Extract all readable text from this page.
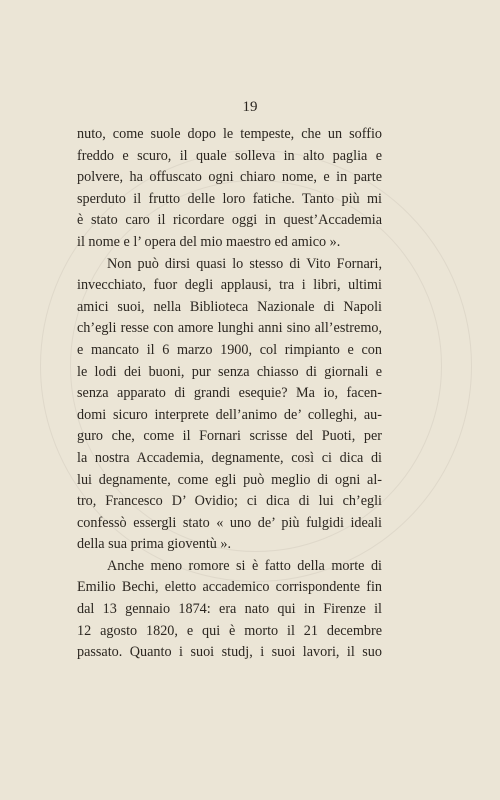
19
nuto, come suole dopo le tempeste, che un soffio
freddo e scuro, il quale solleva in alto paglia e
polvere, ha offuscato ogni chiaro nome, e in parte
sperduto il frutto delle loro fatiche. Tanto più mi
è stato caro il ricordare oggi in quest’Accademia
il nome e l’ opera del mio maestro ed amico ».
Non può dirsi quasi lo stesso di Vito Fornari,
invecchiato, fuor degli applausi, tra i libri, ultimi
amici suoi, nella Biblioteca Nazionale di Napoli
ch’egli resse con amore lunghi anni sino all’estremo,
e mancato il 6 marzo 1900, col rimpianto e con
le lodi dei buoni, pur senza chiasso di giornali e
senza apparato di grandi esequie? Ma io, facen-
domi sicuro interprete dell’animo de’ colleghi, au-
guro che, come il Fornari scrisse del Puoti, per
la nostra Accademia, degnamente, così ci dica di
lui degnamente, come egli può meglio di ogni al-
tro, Francesco D’ Ovidio; ci dica di lui ch’egli
confessò essergli stato « uno de’ più fulgidi ideali
della sua prima gioventù ».
Anche meno romore si è fatto della morte di
Emilio Bechi, eletto accademico corrispondente fin
dal 13 gennaio 1874: era nato qui in Firenze il
12 agosto 1820, e qui è morto il 21 decembre
passato. Quanto i suoi studj, i suoi lavori, il suo
